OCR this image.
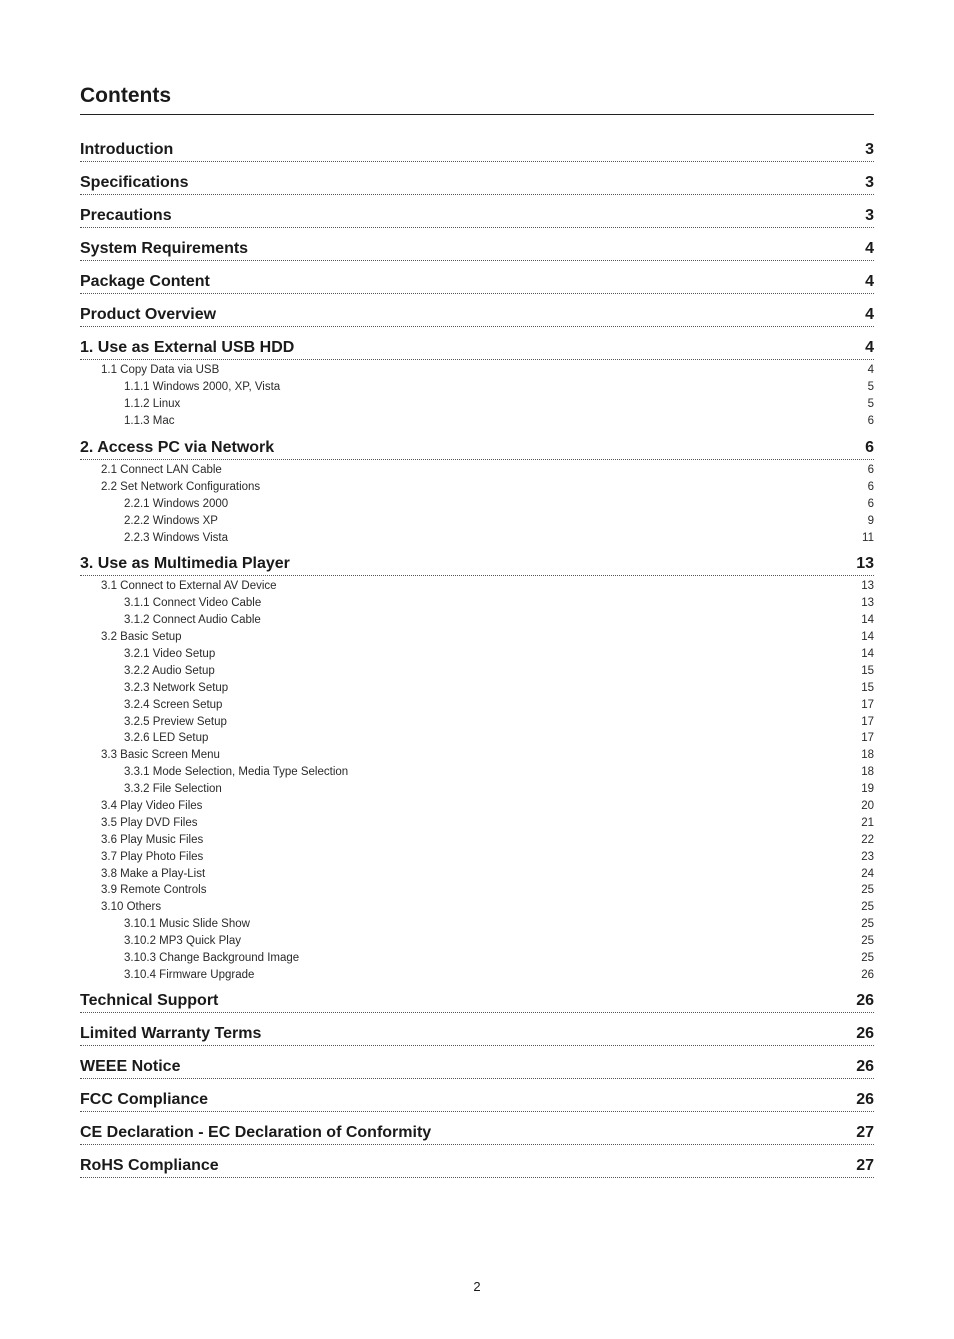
Contents
Introduction	3
Specifications	3
Precautions	3
System Requirements	4
Package Content	4
Product Overview	4
1. Use as External USB HDD	4
1.1 Copy Data via USB	4
1.1.1 Windows 2000, XP, Vista	5
1.1.2 Linux	5
1.1.3 Mac	6
2. Access PC via Network	6
2.1 Connect LAN Cable	6
2.2 Set Network Configurations	6
2.2.1 Windows 2000	6
2.2.2 Windows XP	9
2.2.3 Windows Vista	11
3. Use as Multimedia Player	13
3.1 Connect to External AV Device	13
3.1.1 Connect Video Cable	13
3.1.2 Connect Audio Cable	14
3.2 Basic Setup	14
3.2.1 Video Setup	14
3.2.2 Audio Setup	15
3.2.3 Network Setup	15
3.2.4 Screen Setup	17
3.2.5 Preview Setup	17
3.2.6 LED Setup	17
3.3 Basic Screen Menu	18
3.3.1 Mode Selection, Media Type Selection	18
3.3.2 File Selection	19
3.4 Play Video Files	20
3.5 Play DVD Files	21
3.6 Play Music Files	22
3.7 Play Photo Files	23
3.8 Make a Play-List	24
3.9 Remote Controls	25
3.10 Others	25
3.10.1 Music Slide Show	25
3.10.2 MP3 Quick Play	25
3.10.3 Change Background Image	25
3.10.4 Firmware Upgrade	26
Technical Support	26
Limited Warranty Terms	26
WEEE Notice	26
FCC Compliance	26
CE Declaration - EC Declaration of Conformity	27
RoHS Compliance	27
2
